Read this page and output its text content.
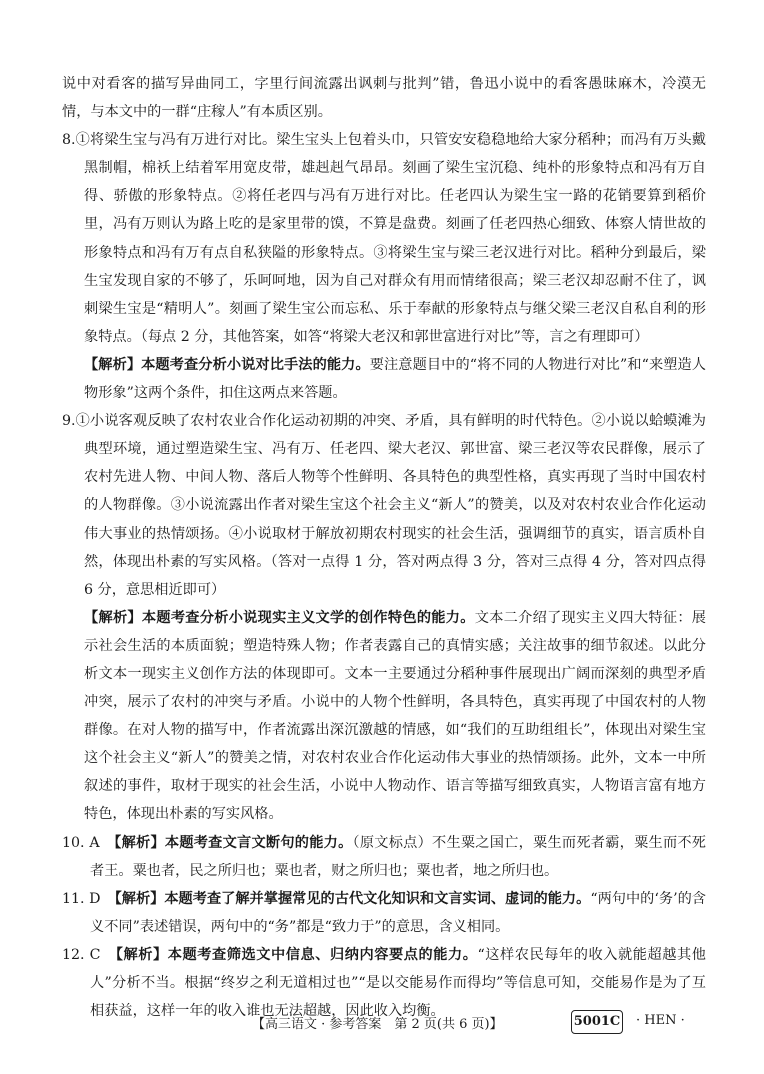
说中对看客的描写异曲同工，字里行间流露出讽刺与批判”错，鲁迅小说中的看客愚昧麻木，冷漠无情，与本文中的一群“庄稼人”有本质区别。

8.①将梁生宝与冯有万进行对比。梁生宝头上包着头巾，只管安安稳稳地给大家分稻种；而冯有万头戴黑制帽，棉袄上结着军用宽皮带，雄赳赳气昂昂。刻画了梁生宝沉稳、纯朴的形象特点和冯有万自得、骄傲的形象特点。②将任老四与冯有万进行对比。任老四认为梁生宝一路的花销要算到稻价里，冯有万则认为路上吃的是家里带的馍，不算是盘费。刻画了任老四热心细致、体察人情世故的形象特点和冯有万有点自私狭隘的形象特点。③将梁生宝与梁三老汉进行对比。稻种分到最后，梁生宝发现自家的不够了，乐呵呵地，因为自己对群众有用而情绪很高；梁三老汉却忍耐不住了，讽刺梁生宝是“精明人”。刻画了梁生宝公而忘私、乐于奉献的形象特点与继父梁三老汉自私自利的形象特点。（每点 2 分，其他答案，如答“将梁大老汉和郭世富进行对比”等，言之有理即可）

【解析】本题考查分析小说对比手法的能力。要注意题目中的“将不同的人物进行对比”和“来塑造人物形象”这两个条件，扣住这两点来答题。

9.①小说客观反映了农村农业合作化运动初期的冲突、矛盾，具有鲜明的时代特色。②小说以蛤蟆滩为典型环境，通过塑造梁生宝、冯有万、任老四、梁大老汉、郭世富、梁三老汉等农民群像，展示了农村先进人物、中间人物、落后人物等个性鲜明、各具特色的典型性格，真实再现了当时中国农村的人物群像。③小说流露出作者对梁生宝这个社会主义“新人”的赞美，以及对农村农业合作化运动伟大事业的热情颂扬。④小说取材于解放初期农村现实的社会生活，强调细节的真实，语言质朴自然，体现出朴素的写实风格。（答对一点得 1 分，答对两点得 3 分，答对三点得 4 分，答对四点得 6 分，意思相近即可）

【解析】本题考查分析小说现实主义文学的创作特色的能力。文本二介绍了现实主义四大特征：展示社会生活的本质面貌；塑造特殊人物；作者表露自己的真情实感；关注故事的细节叙述。以此分析文本一现实主义创作方法的体现即可。文本一主要通过分稻种事件展现出广阔而深刻的典型矛盾冲突，展示了农村的冲突与矛盾。小说中的人物个性鲜明，各具特色，真实再现了中国农村的人物群像。在对人物的描写中，作者流露出深沉激越的情感，如“我们的互助组组长”，体现出对梁生宝这个社会主义“新人”的赞美之情，对农村农业合作化运动伟大事业的热情颂扬。此外，文本一中所叙述的事件，取材于现实的社会生活，小说中人物动作、语言等描写细致真实，人物语言富有地方特色，体现出朴素的写实风格。

10. A　【解析】本题考查文言文断句的能力。（原文标点）不生粟之国亡，粟生而死者霸，粟生而不死者王。粟也者，民之所归也；粟也者，财之所归也；粟也者，地之所归也。

11. D　【解析】本题考查了解并掌握常见的古代文化知识和文言实词、虚词的能力。“两句中的‘务’的含义不同”表述错误，两句中的“务”都是“致力于”的意思，含义相同。

12. C　【解析】本题考查筛选文中信息、归纳内容要点的能力。“这样农民每年的收入就能超越其他人”分析不当。根据“终岁之利无道相过也”“是以交能易作而得均”等信息可知，交能易作是为了互相获益，这样一年的收入谁也无法超越，因此收入均衡。

【高三语文 · 参考答案　第 2 页(共 6 页)】	5001C · HEN ·
